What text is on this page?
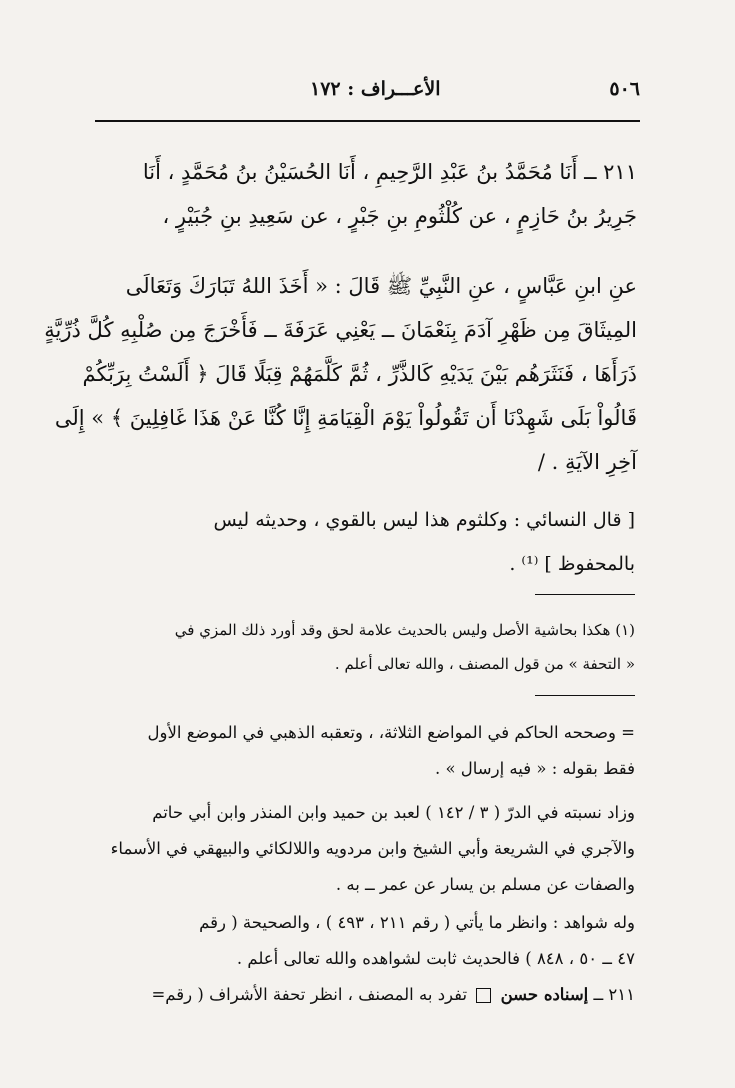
٥٠٦
الأعـــراف : ١٧٢
٢١١ ــ أَنَا مُحَمَّدُ بنُ عَبْدِ الرَّحِيمِ ، أَنَا الحُسَيْنُ بنُ مُحَمَّدٍ ، أَنَا
جَرِيرُ بنُ حَازِمٍ ، عن كُلْثُومِ بنِ جَبْرٍ ، عن سَعِيدِ بنِ جُبَيْرٍ ،
عنِ ابنِ عَبَّاسٍ ، عنِ النَّبِيِّ ﷺ قَالَ : « أَخَذَ اللهُ تَبَارَكَ وَتَعَالَى
المِيثَاقَ مِن ظَهْرِ آدَمَ بِنَعْمَانَ ــ يَعْنِي عَرَفَةَ ــ فَأَخْرَجَ مِن صُلْبِهِ كُلَّ ذُرِّيَّةٍ
ذَرَأَهَا ، فَنَثَرَهُم بَيْنَ يَدَيْهِ كَالذَّرِّ ، ثُمَّ كَلَّمَهُمْ قِبَلًا قَالَ ﴿ أَلَسْتُ بِرَبِّكُمْ
قَالُواْ بَلَى شَهِدْنَا أَن تَقُولُواْ يَوْمَ الْقِيَامَةِ إِنَّا كُنَّا عَنْ هَذَا غَافِلِينَ ﴾ » إِلَى
آخِرِ الآيَةِ . /
[ قال النسائي : وكلثوم هذا ليس بالقوي ، وحديثه ليس
بالمحفوظ ] ⁽¹⁾ .
(١) هكذا بحاشية الأصل وليس بالحديث علامة لحق وقد أورد ذلك المزي في
« التحفة » من قول المصنف ، والله تعالى أعلم .
= وصححه الحاكم في المواضع الثلاثة، ، وتعقبه الذهبي في الموضع الأول
فقط بقوله : « فيه إرسال » .
وزاد نسبته في الدرّ ( ٣ / ١٤٢ ) لعبد بن حميد وابن المنذر وابن أبي حاتم
والآجري في الشريعة وأبي الشيخ وابن مردويه واللالكائي والبيهقي في الأسماء
والصفات عن مسلم بن يسار عن عمر ــ به .
وله شواهد : وانظر ما يأتي ( رقم ٢١١ ، ٤٩٣ ) ، والصحيحة ( رقم
٤٧ ــ ٥٠ ، ٨٤٨ ) فالحديث ثابت لشواهده والله تعالى أعلم .
٢١١ ــ إسناده حسن  تفرد به المصنف ، انظر تحفة الأشراف ( رقم=
